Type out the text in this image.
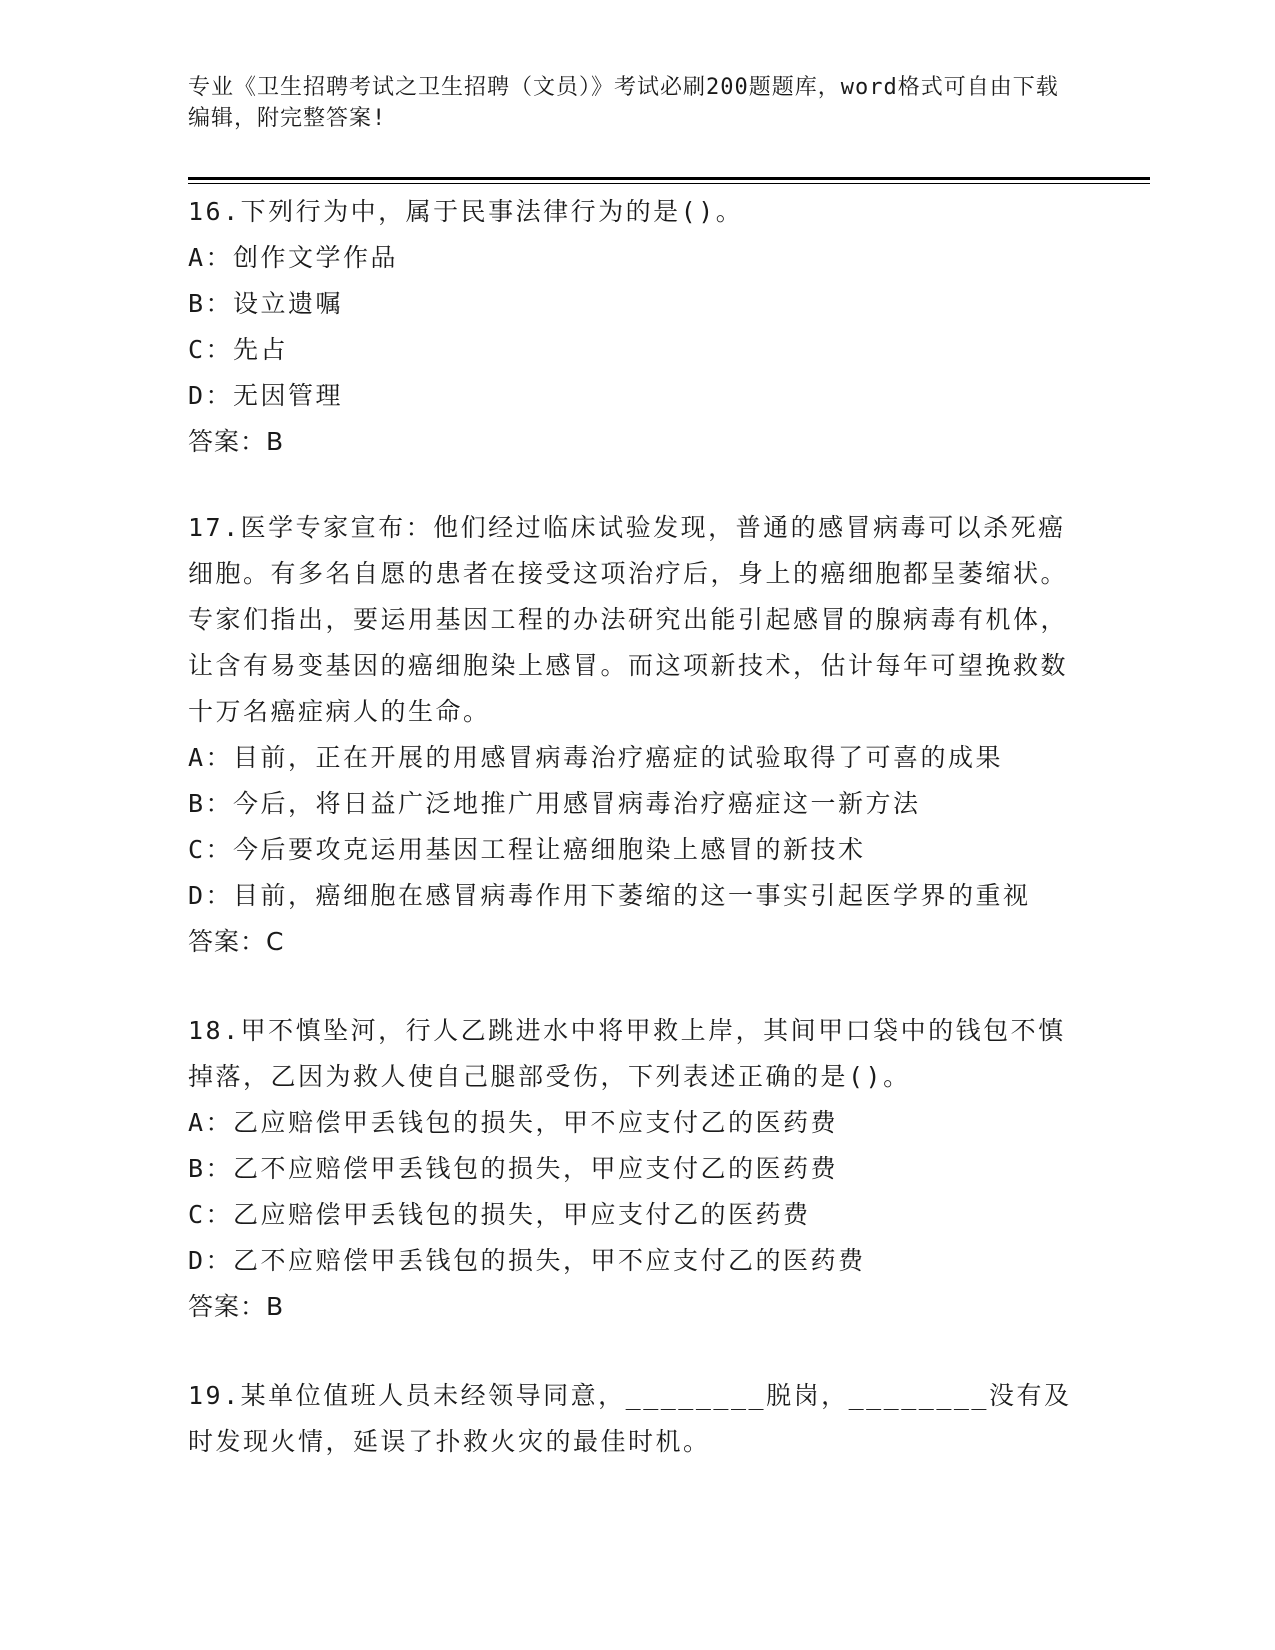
专业《卫生招聘考试之卫生招聘（文员）》考试必刷200题题库，word格式可自由下载编辑，附完整答案!

16.下列行为中，属于民事法律行为的是()。

A：创作文学作品

B：设立遗嘱

C：先占

D：无因管理

答案：B

17.医学专家宣布：他们经过临床试验发现，普通的感冒病毒可以杀死癌细胞。有多名自愿的患者在接受这项治疗后，身上的癌细胞都呈萎缩状。专家们指出，要运用基因工程的办法研究出能引起感冒的腺病毒有机体，让含有易变基因的癌细胞染上感冒。而这项新技术，估计每年可望挽救数十万名癌症病人的生命。

A：目前，正在开展的用感冒病毒治疗癌症的试验取得了可喜的成果

B：今后，将日益广泛地推广用感冒病毒治疗癌症这一新方法

C：今后要攻克运用基因工程让癌细胞染上感冒的新技术

D：目前，癌细胞在感冒病毒作用下萎缩的这一事实引起医学界的重视

答案：C

18.甲不慎坠河，行人乙跳进水中将甲救上岸，其间甲口袋中的钱包不慎掉落，乙因为救人使自己腿部受伤，下列表述正确的是()。

A：乙应赔偿甲丢钱包的损失，甲不应支付乙的医药费

B：乙不应赔偿甲丢钱包的损失，甲应支付乙的医药费

C：乙应赔偿甲丢钱包的损失，甲应支付乙的医药费

D：乙不应赔偿甲丢钱包的损失，甲不应支付乙的医药费

答案：B

19.某单位值班人员未经领导同意，________脱岗，________没有及时发现火情，延误了扑救火灾的最佳时机。
